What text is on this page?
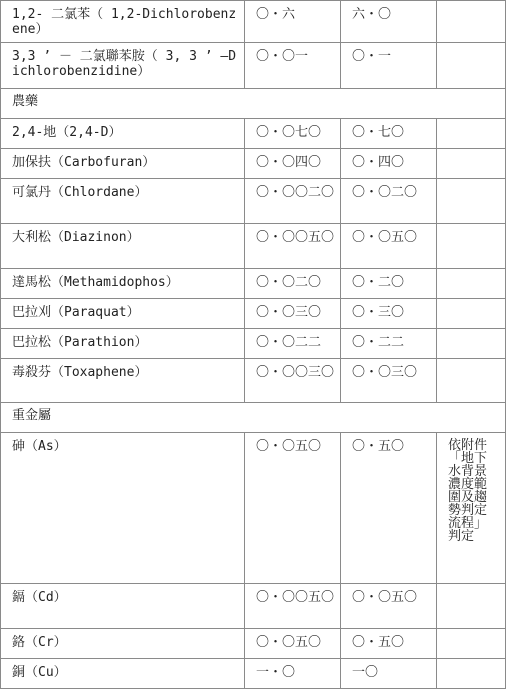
1,2- 二氯苯（ 1,2-Dichlorobenzene）	〇・六	六・〇	
3,3 ’ － 二氯聯苯胺（ 3, 3 ’ –Dichlorobenzidine）	〇・〇一	〇・一	
農藥			
2,4-地（2,4-D）	〇・〇七〇	〇・七〇	
加保扶（Carbofuran）	〇・〇四〇	〇・四〇	
可氯丹（Chlordane）	〇・〇〇二〇	〇・〇二〇	
大利松（Diazinon）	〇・〇〇五〇	〇・〇五〇	
達馬松（Methamidophos）	〇・〇二〇	〇・二〇	
巴拉刈（Paraquat）	〇・〇三〇	〇・三〇	
巴拉松（Parathion）	〇・〇二二	〇・二二	
毒殺芬（Toxaphene）	〇・〇〇三〇	〇・〇三〇	
重金屬			
砷（As）	〇・〇五〇	〇・五〇	依附件「地下水背景濃度範圍及趨勢判定流程」判定

鎘（Cd）	〇・〇〇五〇	〇・〇五〇	
鉻（Cr）	〇・〇五〇	〇・五〇	
銅（Cu）	一・〇	一〇	
